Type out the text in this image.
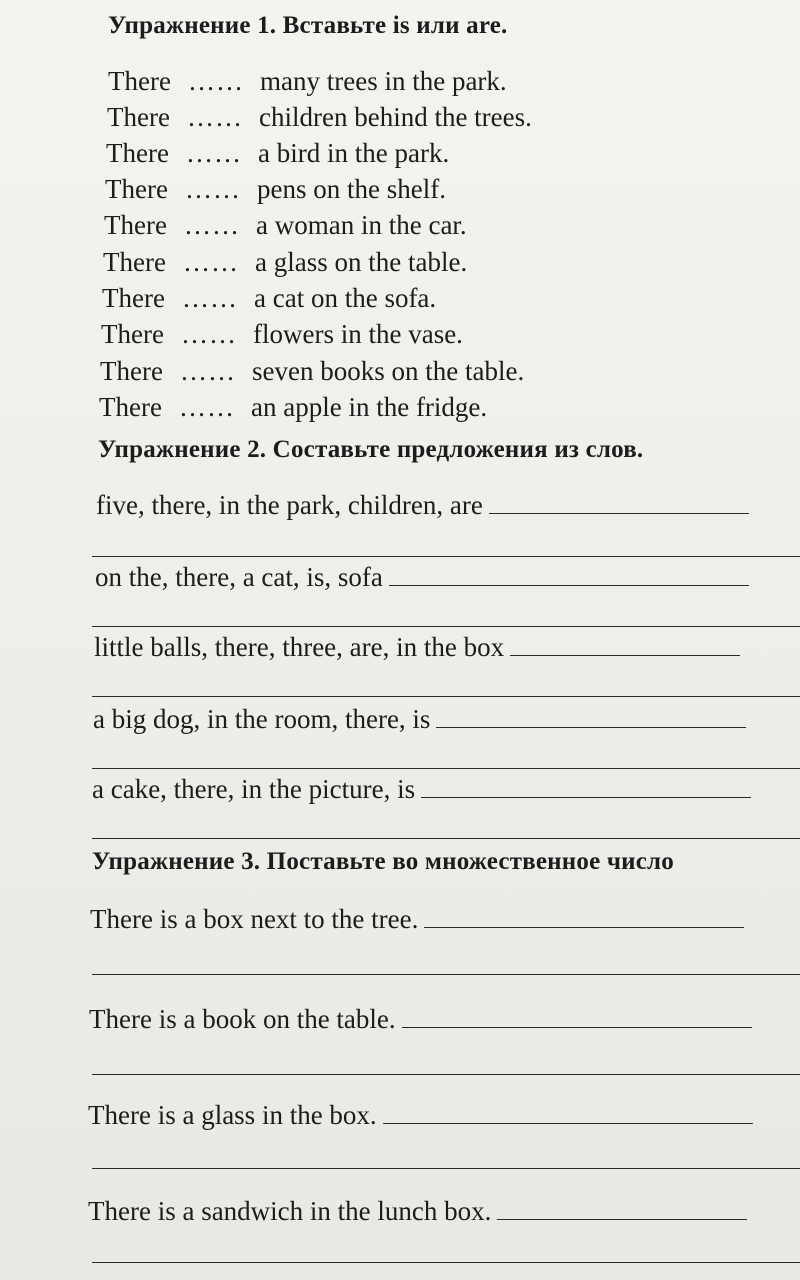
Упражнение 1. Вставьте is или are.
There …… many trees in the park.
There …… children behind the trees.
There …… a bird in the park.
There …… pens on the shelf.
There …… a woman in the car.
There …… a glass on the table.
There …… a cat on the sofa.
There …… flowers in the vase.
There …… seven books on the table.
There …… an apple in the fridge.
Упражнение 2. Составьте предложения из слов.
five, there, in the park, children, are
on the, there, a cat, is, sofa
little balls, there, three, are, in the box
a big dog, in the room, there, is
a cake, there, in the picture, is
Упражнение 3. Поставьте во множественное число
There is a box next to the tree.
There is a book on the table.
There is a glass in the box.
There is a sandwich in the lunch box.
